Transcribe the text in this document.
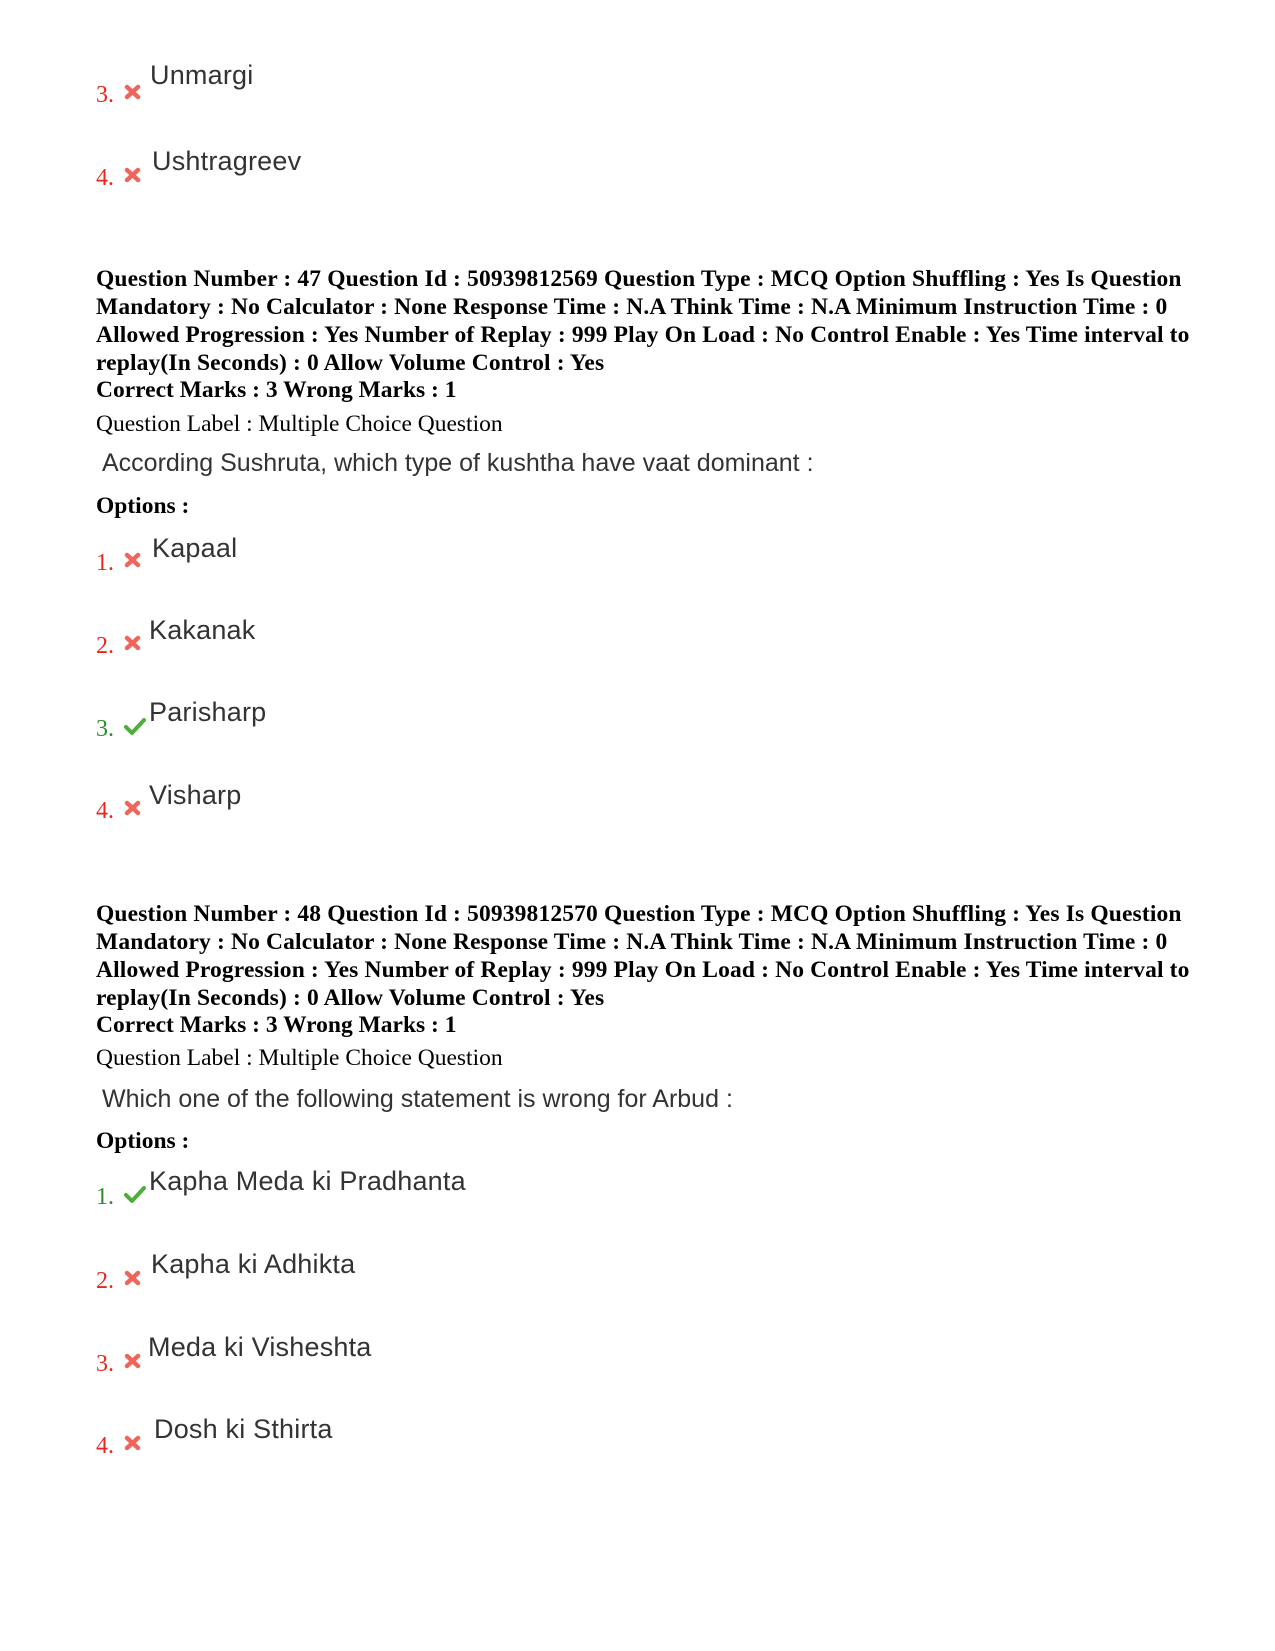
3.
Unmargi
4.
Ushtragreev
Question Number : 47 Question Id : 50939812569 Question Type : MCQ Option Shuffling : Yes Is Question Mandatory : No Calculator : None Response Time : N.A Think Time : N.A Minimum Instruction Time : 0 Allowed Progression : Yes Number of Replay : 999 Play On Load : No Control Enable : Yes Time interval to replay(In Seconds) : 0 Allow Volume Control : Yes
Correct Marks : 3 Wrong Marks : 1
Question Label : Multiple Choice Question
According Sushruta, which type of kushtha have vaat dominant :
Options :
1. Kapaal
2.
Kakanak
3.
Parisharp
4.
Visharp
Question Number : 48 Question Id : 50939812570 Question Type : MCQ Option Shuffling : Yes Is Question Mandatory : No Calculator : None Response Time : N.A Think Time : N.A Minimum Instruction Time : 0 Allowed Progression : Yes Number of Replay : 999 Play On Load : No Control Enable : Yes Time interval to replay(In Seconds) : 0 Allow Volume Control : Yes
Correct Marks : 3 Wrong Marks : 1
Question Label : Multiple Choice Question
Which one of the following statement is wrong for Arbud :
Options :
1.
Kapha Meda ki Pradhanta
2.
Kapha ki Adhikta
3.
Meda ki Visheshta
4.
Dosh ki Sthirta
